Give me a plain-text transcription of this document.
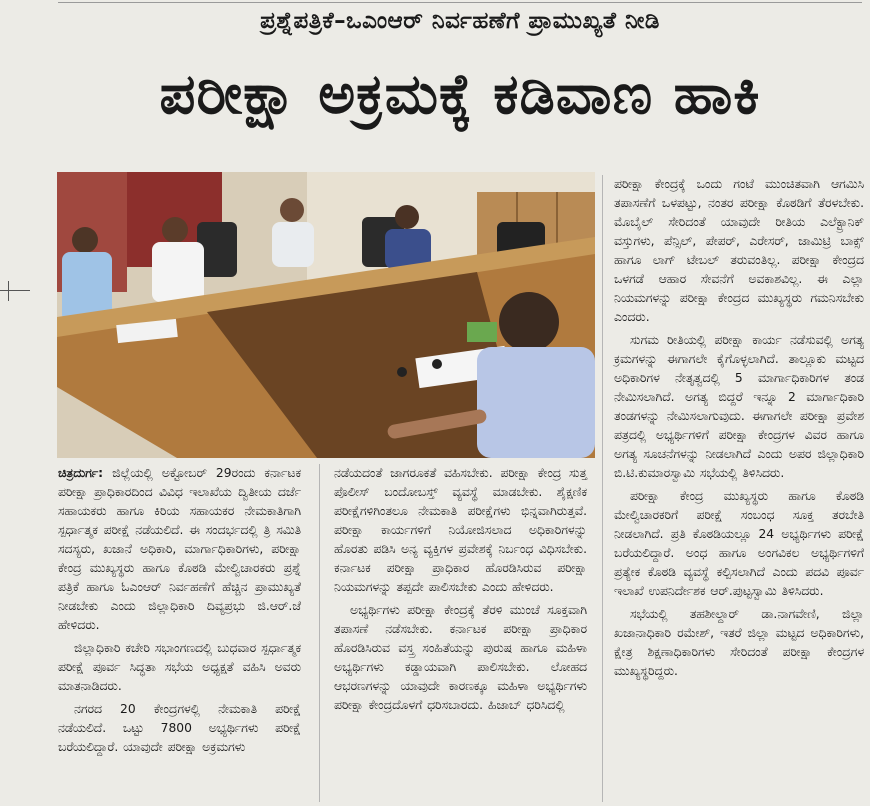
ಪ್ರಶ್ನೆಪತ್ರಿಕೆ–ಒಎಂಆರ್ ನಿರ್ವಹಣೆಗೆ ಪ್ರಾಮುಖ್ಯತೆ ನೀಡಿ
ಪರೀಕ್ಷಾ ಅಕ್ರಮಕ್ಕೆ ಕಡಿವಾಣ ಹಾಕಿ

ಚಿತ್ರದುರ್ಗ: ಜಿಲ್ಲೆಯಲ್ಲಿ ಅಕ್ಟೋಬರ್ 29ರಂದು ಕರ್ನಾಟಕ ಪರೀಕ್ಷಾ ಪ್ರಾಧಿಕಾರದಿಂದ ವಿವಿಧ ಇಲಾಖೆಯ ದ್ವಿತೀಯ ದರ್ಜೆ ಸಹಾಯಕರು ಹಾಗೂ ಕಿರಿಯ ಸಹಾಯಕರ ನೇಮಕಾತಿಗಾಗಿ ಸ್ಪರ್ಧಾತ್ಮಕ ಪರೀಕ್ಷೆ ನಡೆಯಲಿದೆ. ಈ ಸಂದರ್ಭದಲ್ಲಿ ತ್ರಿ ಸಮಿತಿ ಸದಸ್ಯರು, ಖಜಾನೆ ಅಧಿಕಾರಿ, ಮಾರ್ಗಾಧಿಕಾರಿಗಳು, ಪರೀಕ್ಷಾ ಕೇಂದ್ರ ಮುಖ್ಯಸ್ಥರು ಹಾಗೂ ಕೊಠಡಿ ಮೇಲ್ವಿಚಾರಕರು ಪ್ರಶ್ನೆ ಪತ್ರಿಕೆ ಹಾಗೂ ಓಎಂಆರ್ ನಿರ್ವಹಣೆಗೆ ಹೆಚ್ಚಿನ ಪ್ರಾಮುಖ್ಯತೆ ನೀಡಬೇಕು ಎಂದು ಜಿಲ್ಲಾಧಿಕಾರಿ ದಿವ್ಯಪ್ರಭು ಜಿ.ಆರ್.ಜೆ ಹೇಳಿದರು.

ಜಿಲ್ಲಾಧಿಕಾರಿ ಕಚೇರಿ ಸಭಾಂಗಣದಲ್ಲಿ ಬುಧವಾರ ಸ್ಪರ್ಧಾತ್ಮಕ ಪರೀಕ್ಷೆ ಪೂರ್ವ ಸಿದ್ಧತಾ ಸಭೆಯ ಅಧ್ಯಕ್ಷತೆ ವಹಿಸಿ ಅವರು ಮಾತನಾಡಿದರು.

ನಗರದ 20 ಕೇಂದ್ರಗಳಲ್ಲಿ ನೇಮಕಾತಿ ಪರೀಕ್ಷೆ ನಡೆಯಲಿದೆ. ಒಟ್ಟು 7800 ಅಭ್ಯರ್ಥಿಗಳು ಪರೀಕ್ಷೆ ಬರೆಯಲಿದ್ದಾರೆ. ಯಾವುದೇ ಪರೀಕ್ಷಾ ಅಕ್ರಮಗಳು

ನಡೆಯದಂತೆ ಜಾಗರೂಕತೆ ವಹಿಸಬೇಕು. ಪರೀಕ್ಷಾ ಕೇಂದ್ರ ಸುತ್ತ ಪೊಲೀಸ್ ಬಂದೋಬಸ್ತ್ ವ್ಯವಸ್ಥೆ ಮಾಡಬೇಕು. ಶೈಕ್ಷಣಿಕ ಪರೀಕ್ಷೆಗಳಿಗಿಂತಲೂ ನೇಮಕಾತಿ ಪರೀಕ್ಷೆಗಳು ಭಿನ್ನವಾಗಿರುತ್ತವೆ. ಪರೀಕ್ಷಾ ಕಾರ್ಯಗಳಿಗೆ ನಿಯೋಜಿಸಲಾದ ಅಧಿಕಾರಿಗಳನ್ನು ಹೊರತು ಪಡಿಸಿ ಅನ್ಯ ವ್ಯಕ್ತಿಗಳ ಪ್ರವೇಶಕ್ಕೆ ನಿರ್ಬಂಧ ವಿಧಿಸಬೇಕು. ಕರ್ನಾಟಕ ಪರೀಕ್ಷಾ ಪ್ರಾಧಿಕಾರ ಹೊರಡಿಸಿರುವ ಪರೀಕ್ಷಾ ನಿಯಮಗಳನ್ನು ತಪ್ಪದೇ ಪಾಲಿಸಬೇಕು ಎಂದು ಹೇಳಿದರು.

ಅಭ್ಯರ್ಥಿಗಳು ಪರೀಕ್ಷಾ ಕೇಂದ್ರಕ್ಕೆ ತೆರಳಿ ಮುಂಚೆ ಸೂಕ್ತವಾಗಿ ತಪಾಸಣೆ ನಡೆಸಬೇಕು. ಕರ್ನಾಟಕ ಪರೀಕ್ಷಾ ಪ್ರಾಧಿಕಾರ ಹೊರಡಿಸಿರುವ ವಸ್ತ್ರ ಸಂಹಿತೆಯನ್ನು ಪುರುಷ ಹಾಗೂ ಮಹಿಳಾ ಅಭ್ಯರ್ಥಿಗಳು ಕಡ್ಡಾಯವಾಗಿ ಪಾಲಿಸಬೇಕು. ಲೋಹದ ಆಭರಣಗಳನ್ನು ಯಾವುದೇ ಕಾರಣಕ್ಕೂ ಮಹಿಳಾ ಅಭ್ಯರ್ಥಿಗಳು ಪರೀಕ್ಷಾ ಕೇಂದ್ರದೊಳಗೆ ಧರಿಸಬಾರದು. ಹಿಜಾಬ್ ಧರಿಸಿದಲ್ಲಿ

ಪರೀಕ್ಷಾ ಕೇಂದ್ರಕ್ಕೆ ಒಂದು ಗಂಟೆ ಮುಂಚಿತವಾಗಿ ಆಗಮಿಸಿ ತಪಾಸಣೆಗೆ ಒಳಪಟ್ಟು, ನಂತರ ಪರೀಕ್ಷಾ ಕೊಠಡಿಗೆ ತೆರಳಬೇಕು. ಮೊಬೈಲ್ ಸೇರಿದಂತೆ ಯಾವುದೇ ರೀತಿಯ ಎಲೆಕ್ಟ್ರಾನಿಕ್ ವಸ್ತುಗಳು, ಪೆನ್ಸಿಲ್, ಪೇಪರ್, ಎರೇಸರ್, ಜಾಮಿಟ್ರಿ ಬಾಕ್ಸ್ ಹಾಗೂ ಲಾಗ್ ಟೇಬಲ್ ತರುವಂತಿಲ್ಲ. ಪರೀಕ್ಷಾ ಕೇಂದ್ರದ ಒಳಗಡೆ ಆಹಾರ ಸೇವನೆಗೆ ಅವಕಾಶವಿಲ್ಲ. ಈ ಎಲ್ಲಾ ನಿಯಮಗಳನ್ನು ಪರೀಕ್ಷಾ ಕೇಂದ್ರದ ಮುಖ್ಯಸ್ಥರು ಗಮನಿಸಬೇಕು ಎಂದರು.

ಸುಗಮ ರೀತಿಯಲ್ಲಿ ಪರೀಕ್ಷಾ ಕಾರ್ಯ ನಡೆಸುವಲ್ಲಿ ಅಗತ್ಯ ಕ್ರಮಗಳನ್ನು ಈಗಾಗಲೇ ಕೈಗೊಳ್ಳಲಾಗಿದೆ. ತಾಲ್ಲೂಕು ಮಟ್ಟದ ಅಧಿಕಾರಿಗಳ ನೇತೃತ್ವದಲ್ಲಿ 5 ಮಾರ್ಗಾಧಿಕಾರಿಗಳ ತಂಡ ನೇಮಿಸಲಾಗಿದೆ. ಅಗತ್ಯ ಬಿದ್ದರೆ ಇನ್ನೂ 2 ಮಾರ್ಗಾಧಿಕಾರಿ ತಂಡಗಳನ್ನು ನೇಮಿಸಲಾಗುವುದು. ಈಗಾಗಲೇ ಪರೀಕ್ಷಾ ಪ್ರವೇಶ ಪತ್ರದಲ್ಲಿ ಅಭ್ಯರ್ಥಿಗಳಿಗೆ ಪರೀಕ್ಷಾ ಕೇಂದ್ರಗಳ ವಿವರ ಹಾಗೂ ಅಗತ್ಯ ಸೂಚನೆಗಳನ್ನು ನೀಡಲಾಗಿದೆ ಎಂದು ಅಪರ ಜಿಲ್ಲಾಧಿಕಾರಿ ಬಿ.ಟಿ.ಕುಮಾರಸ್ವಾಮಿ ಸಭೆಯಲ್ಲಿ ತಿಳಿಸಿದರು.

ಪರೀಕ್ಷಾ ಕೇಂದ್ರ ಮುಖ್ಯಸ್ಥರು ಹಾಗೂ ಕೊಠಡಿ ಮೇಲ್ವಿಚಾರಕರಿಗೆ ಪರೀಕ್ಷೆ ಸಂಬಂಧ ಸೂಕ್ತ ತರಬೇತಿ ನೀಡಲಾಗಿದೆ. ಪ್ರತಿ ಕೊಠಡಿಯಲ್ಲೂ 24 ಅಭ್ಯರ್ಥಿಗಳು ಪರೀಕ್ಷೆ ಬರೆಯಲಿದ್ದಾರೆ. ಅಂಧ ಹಾಗೂ ಅಂಗವಿಕಲ ಅಭ್ಯರ್ಥಿಗಳಿಗೆ ಪ್ರತ್ಯೇಕ ಕೊಠಡಿ ವ್ಯವಸ್ಥೆ ಕಲ್ಪಿಸಲಾಗಿದೆ ಎಂದು ಪದವಿ ಪೂರ್ವ ಇಲಾಖೆ ಉಪನಿರ್ದೇಶಕ ಆರ್.ಪುಟ್ಟಸ್ವಾಮಿ ತಿಳಿಸಿದರು.

ಸಭೆಯಲ್ಲಿ ತಹಶೀಲ್ದಾರ್ ಡಾ.ನಾಗವೇಣಿ, ಜಿಲ್ಲಾ ಖಜಾನಾಧಿಕಾರಿ ರಮೇಶ್, ಇತರೆ ಜಿಲ್ಲಾ ಮಟ್ಟದ ಅಧಿಕಾರಿಗಳು, ಕ್ಷೇತ್ರ ಶಿಕ್ಷಣಾಧಿಕಾರಿಗಳು ಸೇರಿದಂತೆ ಪರೀಕ್ಷಾ ಕೇಂದ್ರಗಳ ಮುಖ್ಯಸ್ಥರಿದ್ದರು.
